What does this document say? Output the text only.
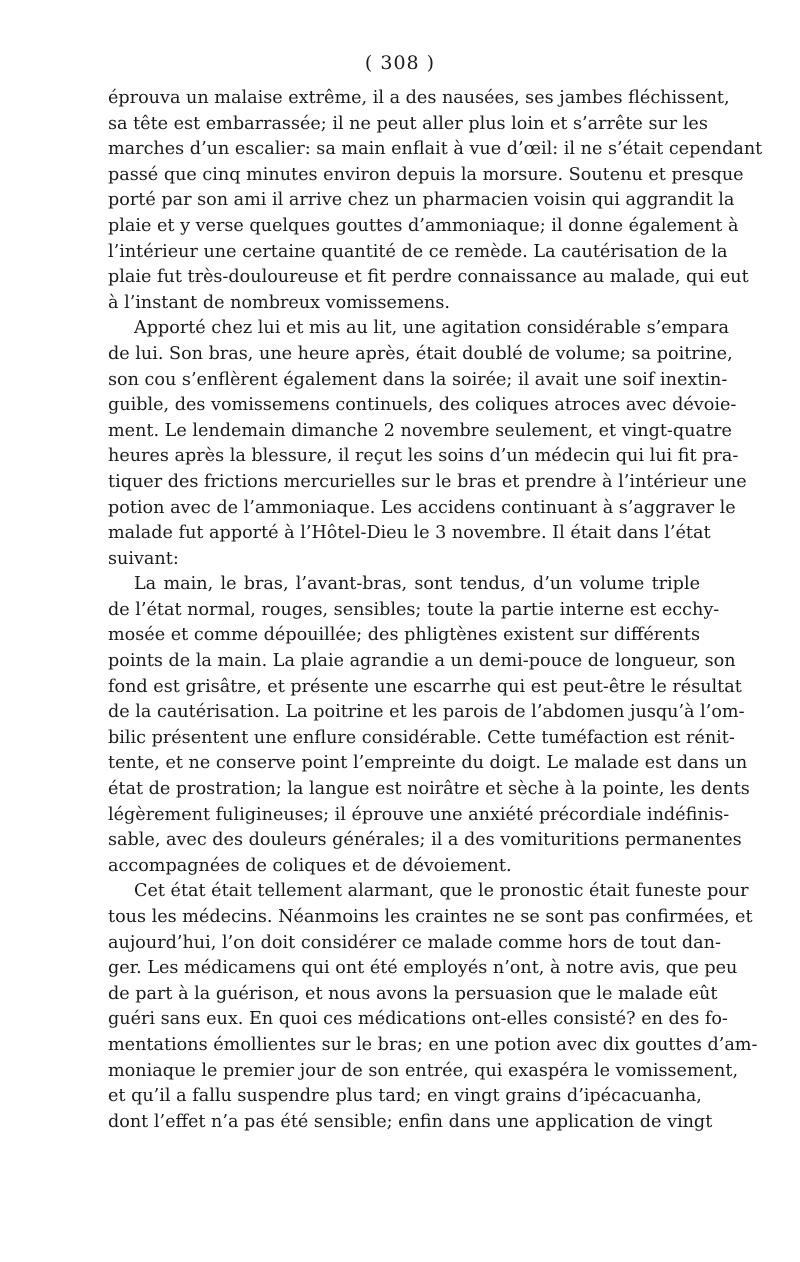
( 308 )
éprouva un malaise extrême, il a des nausées, ses jambes fléchissent,
sa tête est embarrassée; il ne peut aller plus loin et s’arrête sur les
marches d’un escalier: sa main enflait à vue d’œil: il ne s’était cependant
passé que cinq minutes environ depuis la morsure. Soutenu et presque
porté par son ami il arrive chez un pharmacien voisin qui aggrandit la
plaie et y verse quelques gouttes d’ammoniaque; il donne également à
l’intérieur une certaine quantité de ce remède. La cautérisation de la
plaie fut très-douloureuse et fit perdre connaissance au malade, qui eut
à l’instant de nombreux vomissemens.
Apporté chez lui et mis au lit, une agitation considérable s’empara
de lui. Son bras, une heure après, était doublé de volume; sa poitrine,
son cou s’enflèrent également dans la soirée; il avait une soif inextin-
guible, des vomissemens continuels, des coliques atroces avec dévoie-
ment. Le lendemain dimanche 2 novembre seulement, et vingt-quatre
heures après la blessure, il reçut les soins d’un médecin qui lui fit pra-
tiquer des frictions mercurielles sur le bras et prendre à l’intérieur une
potion avec de l’ammoniaque. Les accidens continuant à s’aggraver le
malade fut apporté à l’Hôtel-Dieu le 3 novembre. Il était dans l’état
suivant:
La main, le bras, l’avant-bras, sont tendus, d’un volume triple
de l’état normal, rouges, sensibles; toute la partie interne est ecchy-
mosée et comme dépouillée; des phligtènes existent sur différents
points de la main. La plaie agrandie a un demi-pouce de longueur, son
fond est grisâtre, et présente une escarrhe qui est peut-être le résultat
de la cautérisation. La poitrine et les parois de l’abdomen jusqu’à l’om-
bilic présentent une enflure considérable. Cette tuméfaction est rénit-
tente, et ne conserve point l’empreinte du doigt. Le malade est dans un
état de prostration; la langue est noirâtre et sèche à la pointe, les dents
légèrement fuligineuses; il éprouve une anxiété précordiale indéfinis-
sable, avec des douleurs générales; il a des vomituritions permanentes
accompagnées de coliques et de dévoiement.
Cet état était tellement alarmant, que le pronostic était funeste pour
tous les médecins. Néanmoins les craintes ne se sont pas confirmées, et
aujourd’hui, l’on doit considérer ce malade comme hors de tout dan-
ger. Les médicamens qui ont été employés n’ont, à notre avis, que peu
de part à la guérison, et nous avons la persuasion que le malade eût
guéri sans eux. En quoi ces médications ont-elles consisté? en des fo-
mentations émollientes sur le bras; en une potion avec dix gouttes d’am-
moniaque le premier jour de son entrée, qui exaspéra le vomissement,
et qu’il a fallu suspendre plus tard; en vingt grains d’ipécacuanha,
dont l’effet n’a pas été sensible; enfin dans une application de vingt
